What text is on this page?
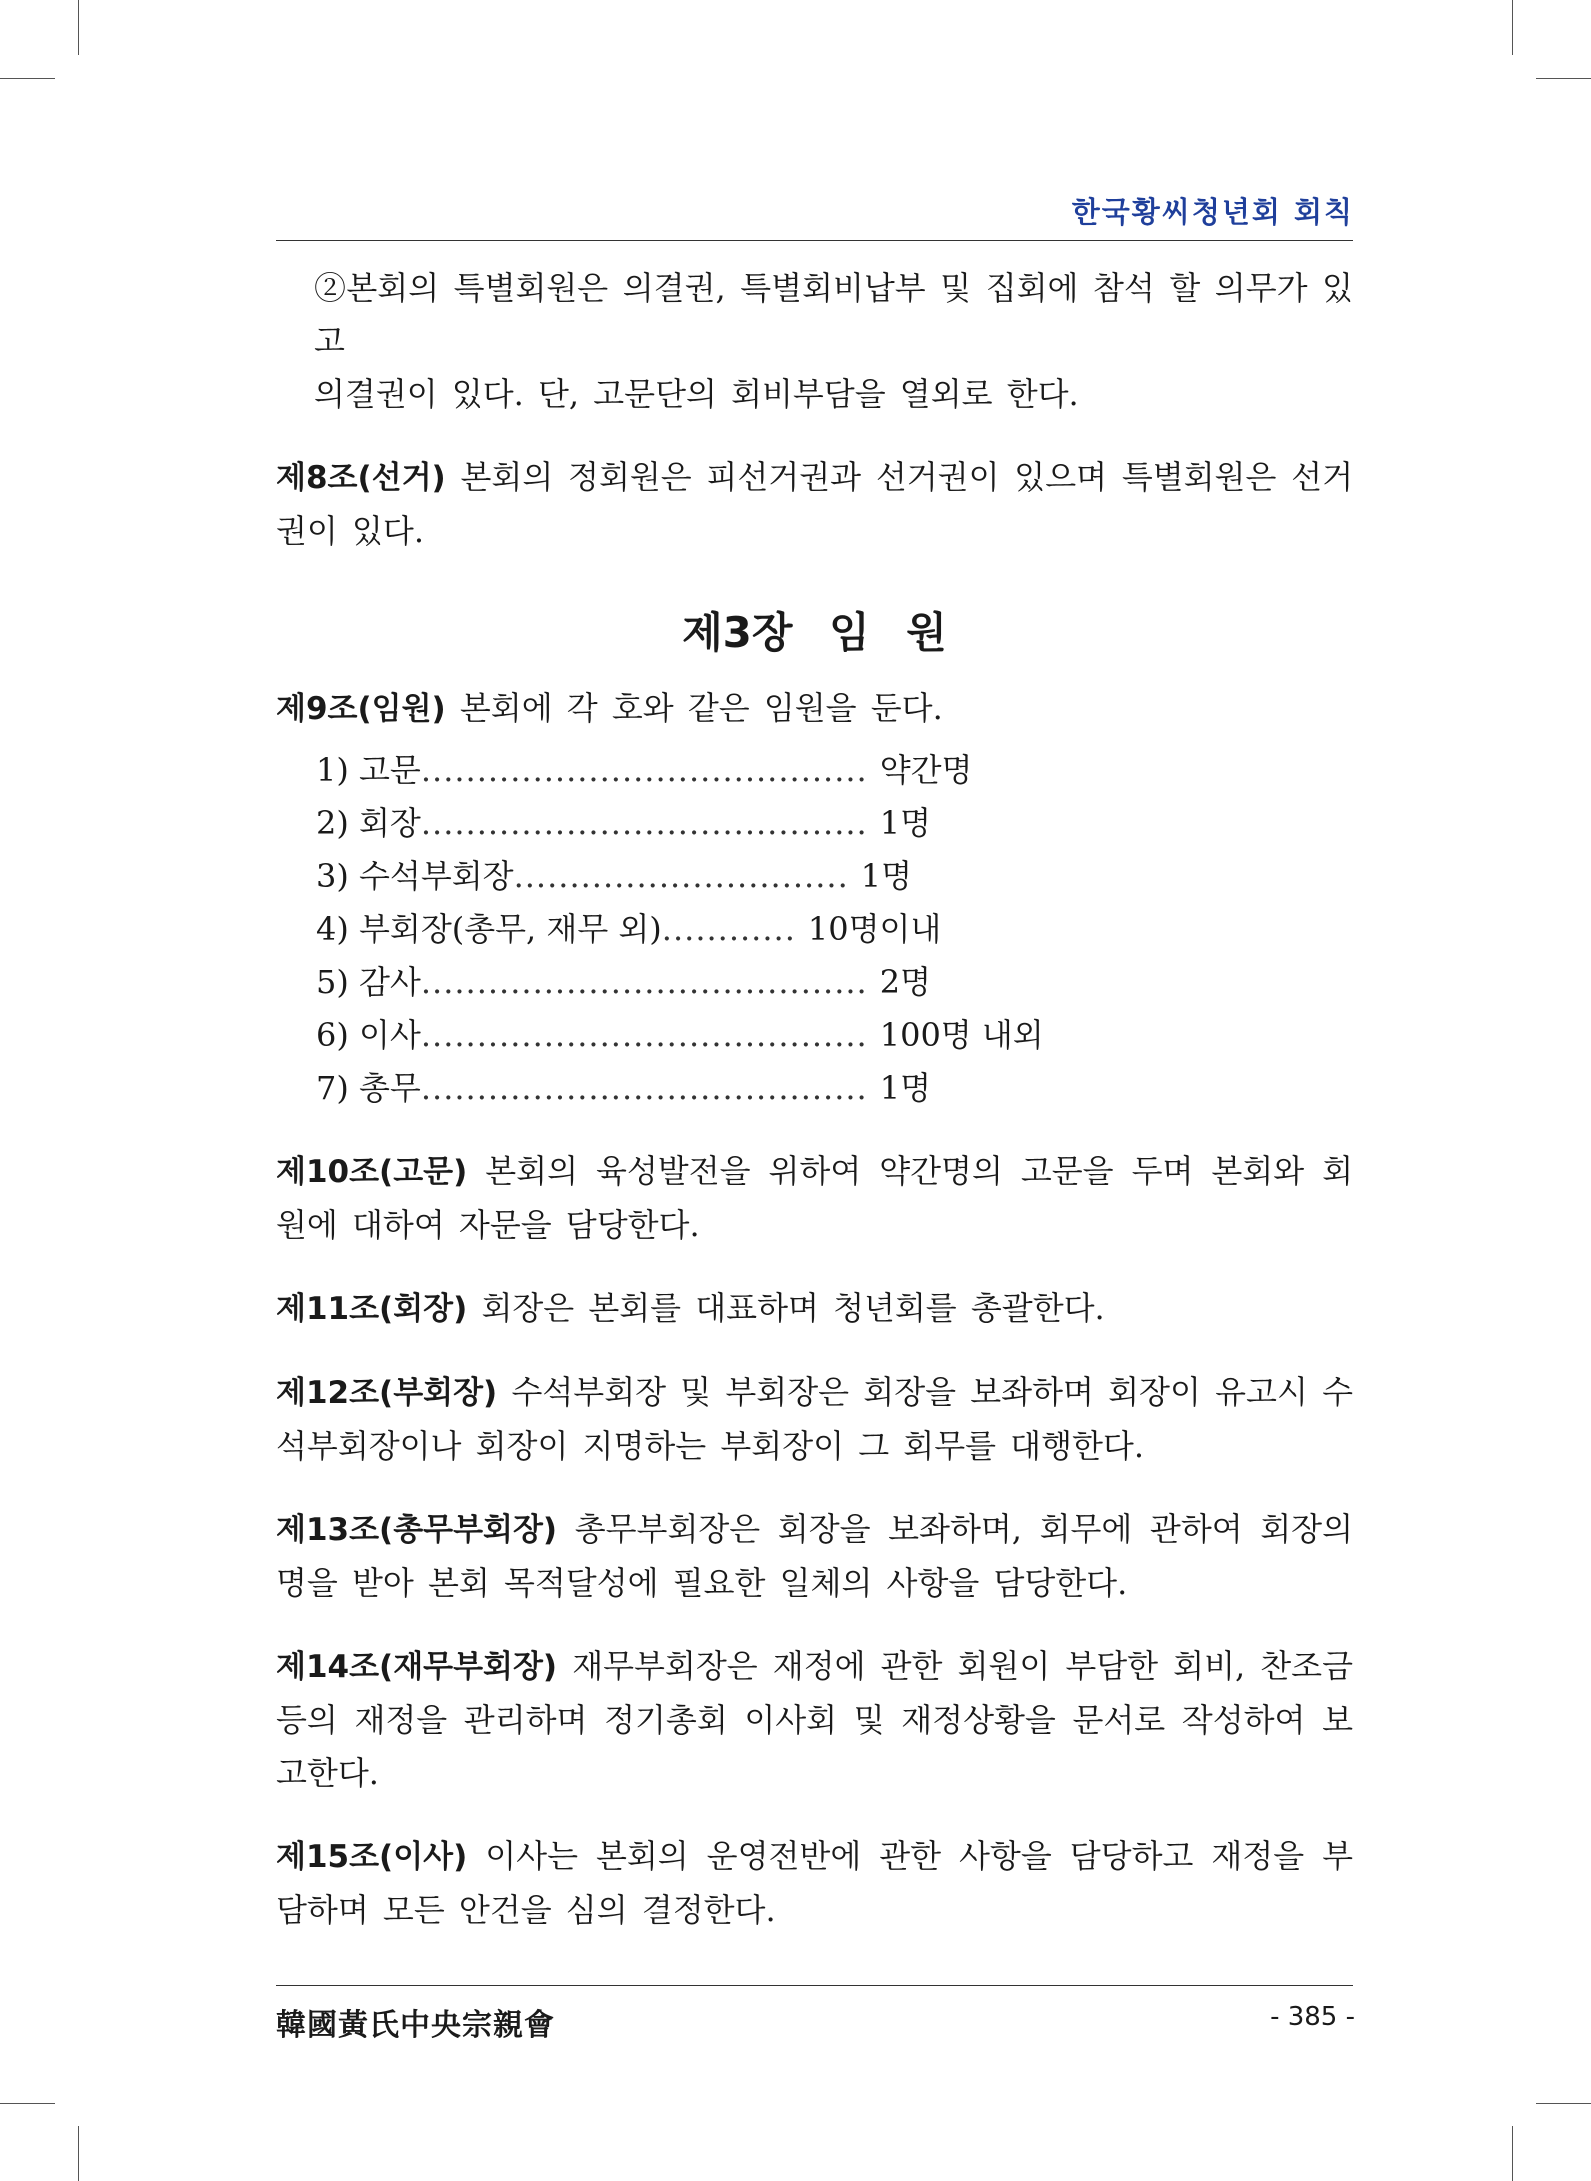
한국황씨청년회 회칙
②본회의 특별회원은 의결권, 특별회비납부 및 집회에 참석 할 의무가 있고
의결권이 있다. 단, 고문단의 회비부담을 열외로 한다.
제8조(선거) 본회의 정회원은 피선거권과 선거권이 있으며 특별회원은 선거권이 있다.
제3장 임 원
제9조(임원) 본회에 각 호와 같은 임원을 둔다.
1) 고문 ........................................ 약간명
2) 회장 ........................................ 1명
3) 수석부회장 .............................. 1명
4) 부회장(총무, 재무 외) ............ 10명이내
5) 감사 ........................................ 2명
6) 이사 ........................................ 100명 내외
7) 총무 ........................................ 1명
제10조(고문) 본회의 육성발전을 위하여 약간명의 고문을 두며 본회와 회원에 대하여 자문을 담당한다.
제11조(회장) 회장은 본회를 대표하며 청년회를 총괄한다.
제12조(부회장) 수석부회장 및 부회장은 회장을 보좌하며 회장이 유고시 수석부회장이나 회장이 지명하는 부회장이 그 회무를 대행한다.
제13조(총무부회장) 총무부회장은 회장을 보좌하며, 회무에 관하여 회장의 명을 받아 본회 목적달성에 필요한 일체의 사항을 담당한다.
제14조(재무부회장) 재무부회장은 재정에 관한 회원이 부담한 회비, 찬조금 등의 재정을 관리하며 정기총회 이사회 및 재정상황을 문서로 작성하여 보고한다.
제15조(이사) 이사는 본회의 운영전반에 관한 사항을 담당하고 재정을 부담하며 모든 안건을 심의 결정한다.
韓國黃氏中央宗親會	- 385 -
